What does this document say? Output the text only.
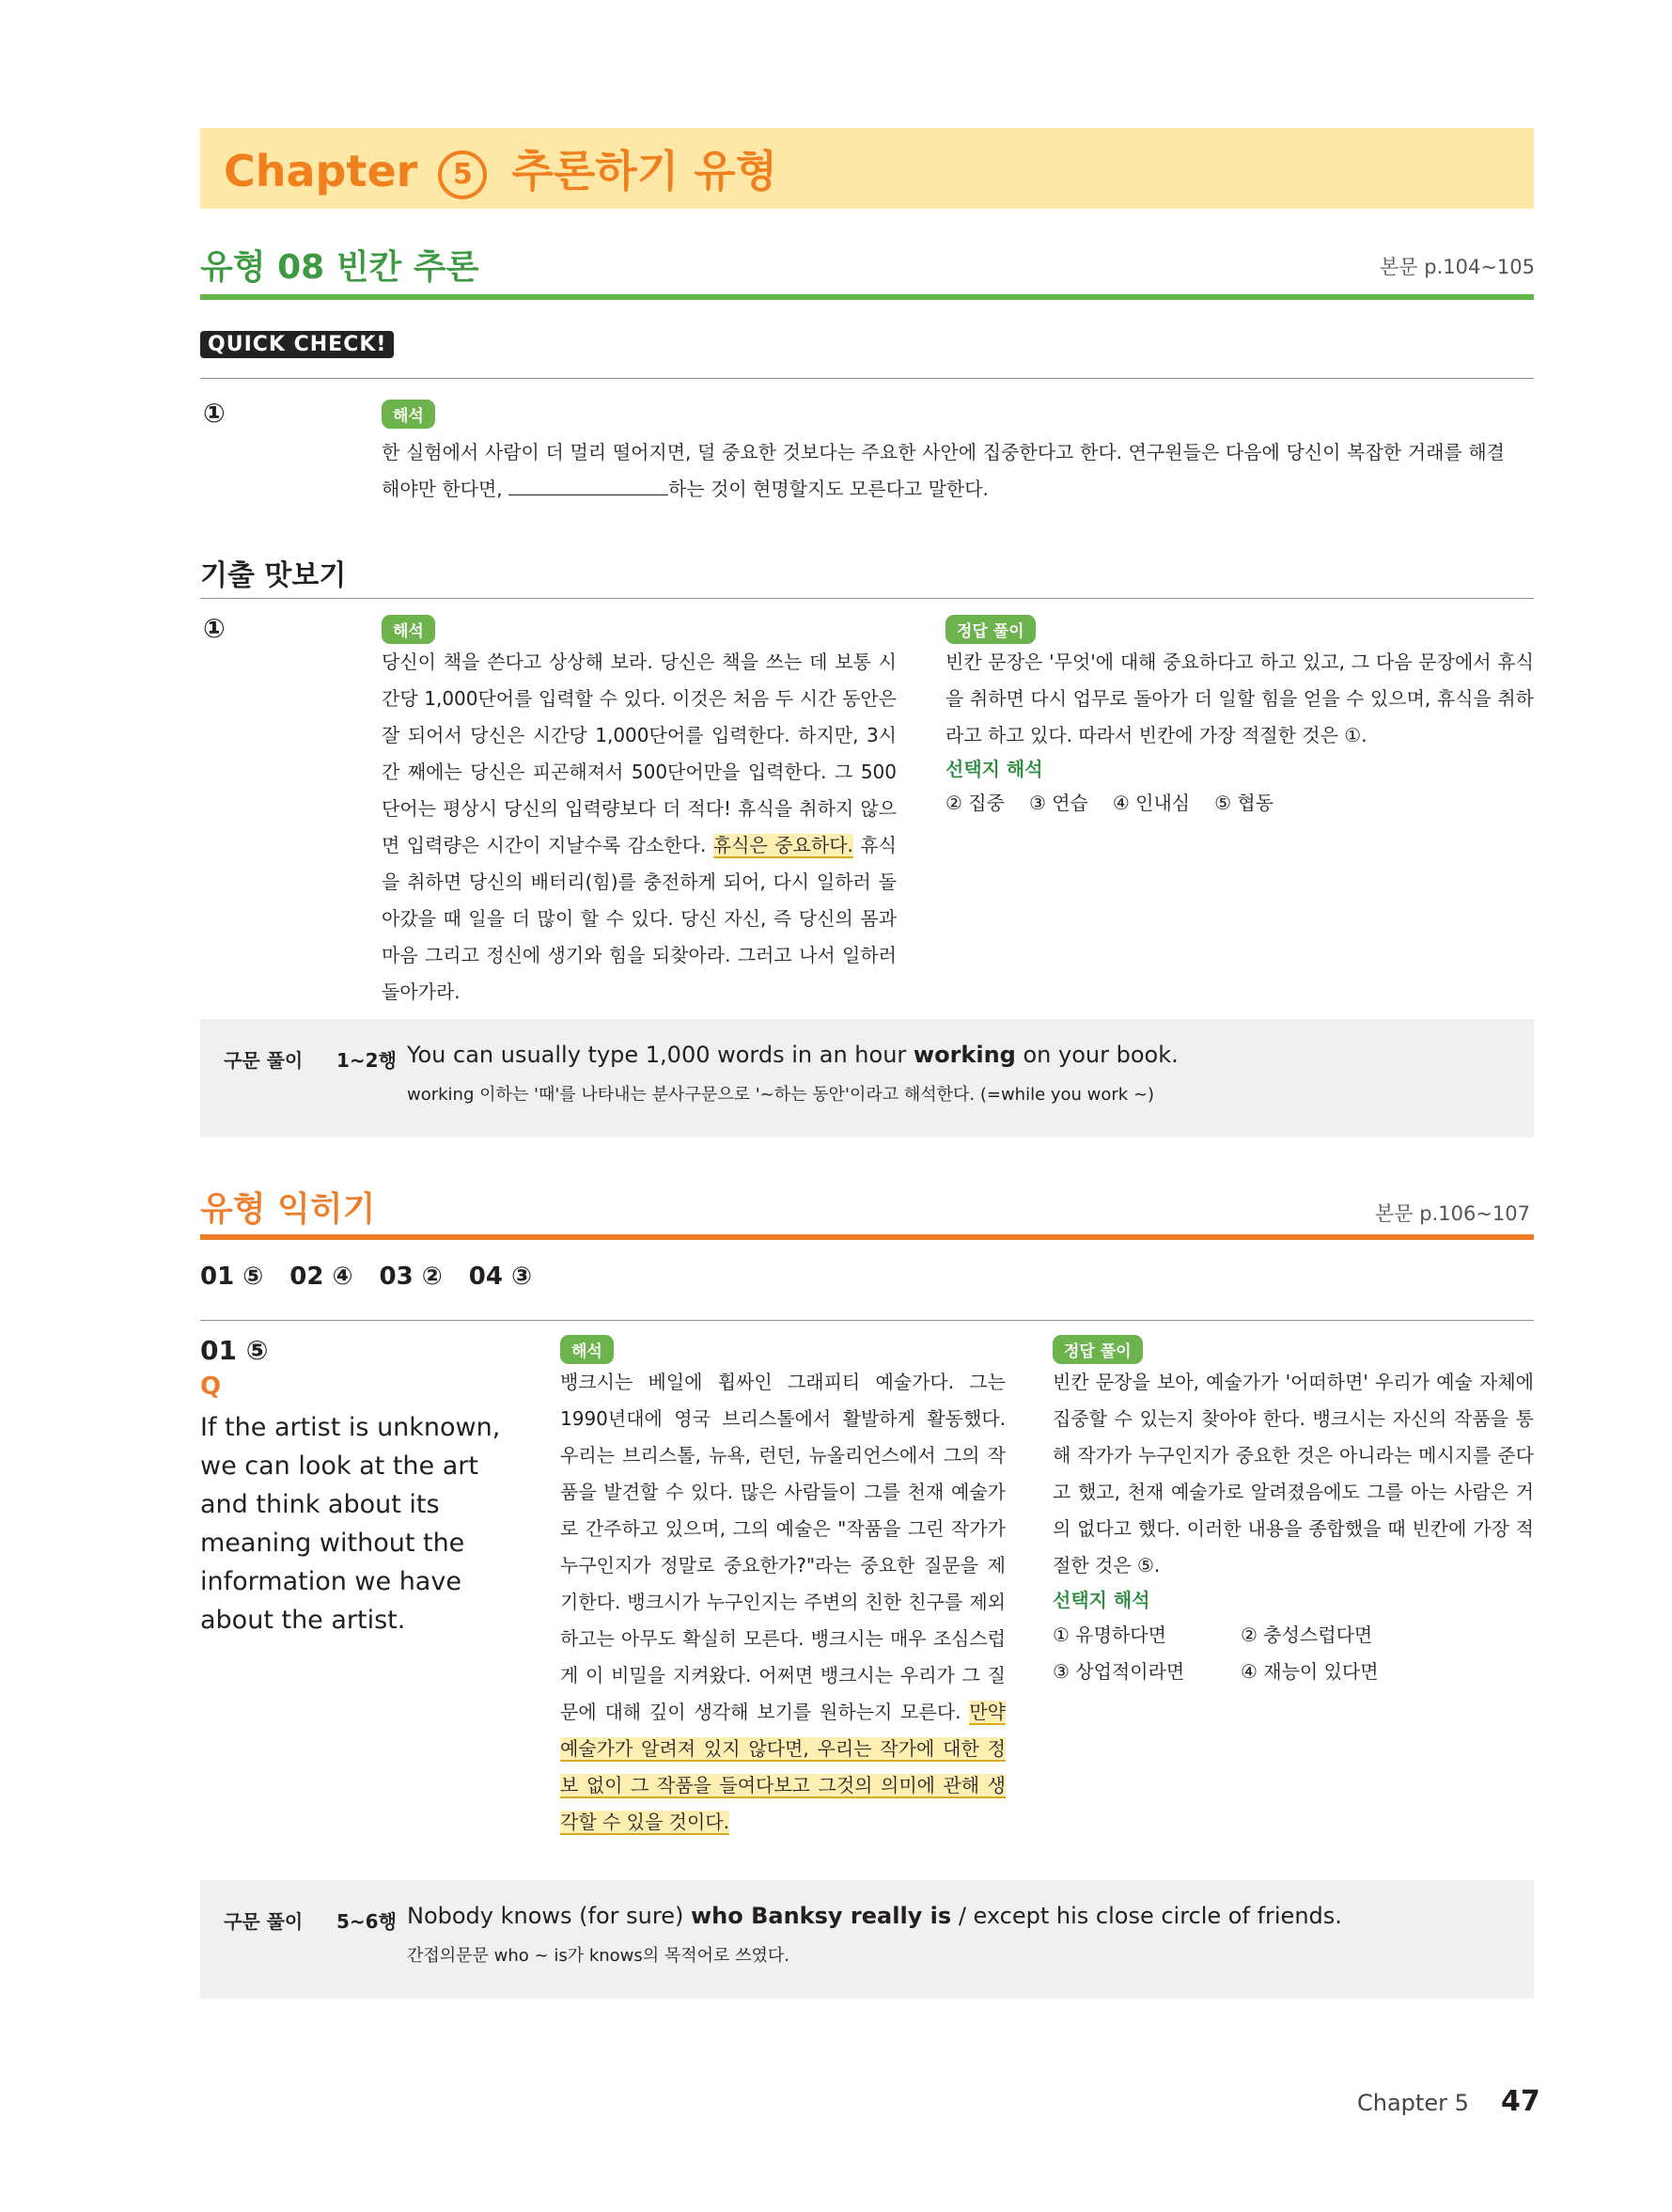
Chapter 5 추론하기 유형
유형 08 빈칸 추론	본문 p.104~105
QUICK CHECK!
①	해석
한 실험에서 사람이 더 멀리 떨어지면, 덜 중요한 것보다는 주요한 사안에 집중한다고 한다. 연구원들은 다음에 당신이 복잡한 거래를 해결해야만 한다면,	하는 것이 현명할지도 모른다고 말한다.
기출 맛보기
①	해석
당신이 책을 쓴다고 상상해 보라. 당신은 책을 쓰는 데 보통 시간당 1,000단어를 입력할 수 있다. 이것은 처음 두 시간 동안은 잘 되어서 당신은 시간당 1,000단어를 입력한다. 하지만, 3시간 째에는 당신은 피곤해져서 500단어만을 입력한다. 그 500단어는 평상시 당신의 입력량보다 더 적다! 휴식을 취하지 않으면 입력량은 시간이 지날수록 감소한다. 휴식은 중요하다. 휴식을 취하면 당신의 배터리(힘)를 충전하게 되어, 다시 일하러 돌아갔을 때 일을 더 많이 할 수 있다. 당신 자신, 즉 당신의 몸과 마음 그리고 정신에 생기와 힘을 되찾아라. 그러고 나서 일하러 돌아가라.
정답 풀이
빈칸 문장은 '무엇'에 대해 중요하다고 하고 있고, 그 다음 문장에서 휴식을 취하면 다시 업무로 돌아가 더 일할 힘을 얻을 수 있으며, 휴식을 취하라고 하고 있다. 따라서 빈칸에 가장 적절한 것은 ①.
선택지 해석
② 집중 ③ 연습 ④ 인내심 ⑤ 협동
구문 풀이 1~2행 You can usually type 1,000 words in an hour working on your book.
working 이하는 '때'를 나타내는 분사구문으로 '~하는 동안'이라고 해석한다. (=while you work ~)
유형 익히기	본문 p.106~107
01 ⑤ 02 ④ 03 ② 04 ③
01 ⑤
Q
If the artist is unknown, we can look at the art and think about its meaning without the information we have about the artist.
해석
뱅크시는 베일에 휩싸인 그래피티 예술가다. 그는 1990년대에 영국 브리스톨에서 활발하게 활동했다. 우리는 브리스톨, 뉴욕, 런던, 뉴올리언스에서 그의 작품을 발견할 수 있다. 많은 사람들이 그를 천재 예술가로 간주하고 있으며, 그의 예술은 "작품을 그린 작가가 누구인지가 정말로 중요한가?"라는 중요한 질문을 제기한다. 뱅크시가 누구인지는 주변의 친한 친구를 제외하고는 아무도 확실히 모른다. 뱅크시는 매우 조심스럽게 이 비밀을 지켜왔다. 어쩌면 뱅크시는 우리가 그 질문에 대해 깊이 생각해 보기를 원하는지 모른다. 만약 예술가가 알려져 있지 않다면, 우리는 작가에 대한 정보 없이 그 작품을 들여다보고 그것의 의미에 관해 생각할 수 있을 것이다.
정답 풀이
빈칸 문장을 보아, 예술가가 '어떠하면' 우리가 예술 자체에 집중할 수 있는지 찾아야 한다. 뱅크시는 자신의 작품을 통해 작가가 누구인지가 중요한 것은 아니라는 메시지를 준다고 했고, 천재 예술가로 알려졌음에도 그를 아는 사람은 거의 없다고 했다. 이러한 내용을 종합했을 때 빈칸에 가장 적절한 것은 ⑤.
선택지 해석
① 유명하다면	② 충성스럽다면
③ 상업적이라면	④ 재능이 있다면
구문 풀이 5~6행 Nobody knows (for sure) who Banksy really is / except his close circle of friends.
간접의문문 who ~ is가 knows의 목적어로 쓰였다.
Chapter 5 47
